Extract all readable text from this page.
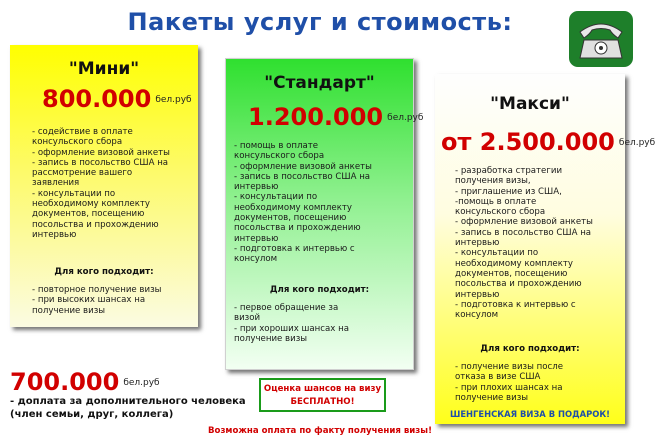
Пакеты услуг и стоимость:
"Мини"
800.000 бел.руб
- содействие в оплате
консульского сбора
- оформление визовой анкеты
- запись в посольство США на
рассмотрение вашего
заявления
- консультации по
необходимому комплекту
документов, посещению
посольства и прохождению
интервью
Для кого подходит:
- повторное получение визы
- при высоких шансах на
получение визы
"Стандарт"
1.200.000 бел.руб
- помощь в оплате
консульского сбора
- оформление визовой анкеты
- запись в посольство США на
интервью
- консультации по
необходимому комплекту
документов, посещению
посольства и прохождению
интервью
- подготовка к интервью с
консулом
Для кого подходит:
- первое обращение за
визой
- при хороших шансах на
получение визы
"Макси"
от 2.500.000 бел.руб
- разработка стратегии
получения визы,
- приглашение из США,
-помощь в оплате
консульского сбора
- оформление визовой анкеты
- запись в посольство США на
интервью
- консультации по
необходимому комплекту
документов, посещению
посольства и прохождению
интервью
- подготовка к интервью с
консулом
Для кого подходит:
- получение визы после
отказа в визе США
- при плохих шансах на
получение визы
ШЕНГЕНСКАЯ ВИЗА В ПОДАРОК!
700.000 бел.руб
- доплата за дополнительного человека
(член семьи, друг, коллега)
Оценка шансов на визу
БЕСПЛАТНО!
Возможна оплата по факту получения визы!
